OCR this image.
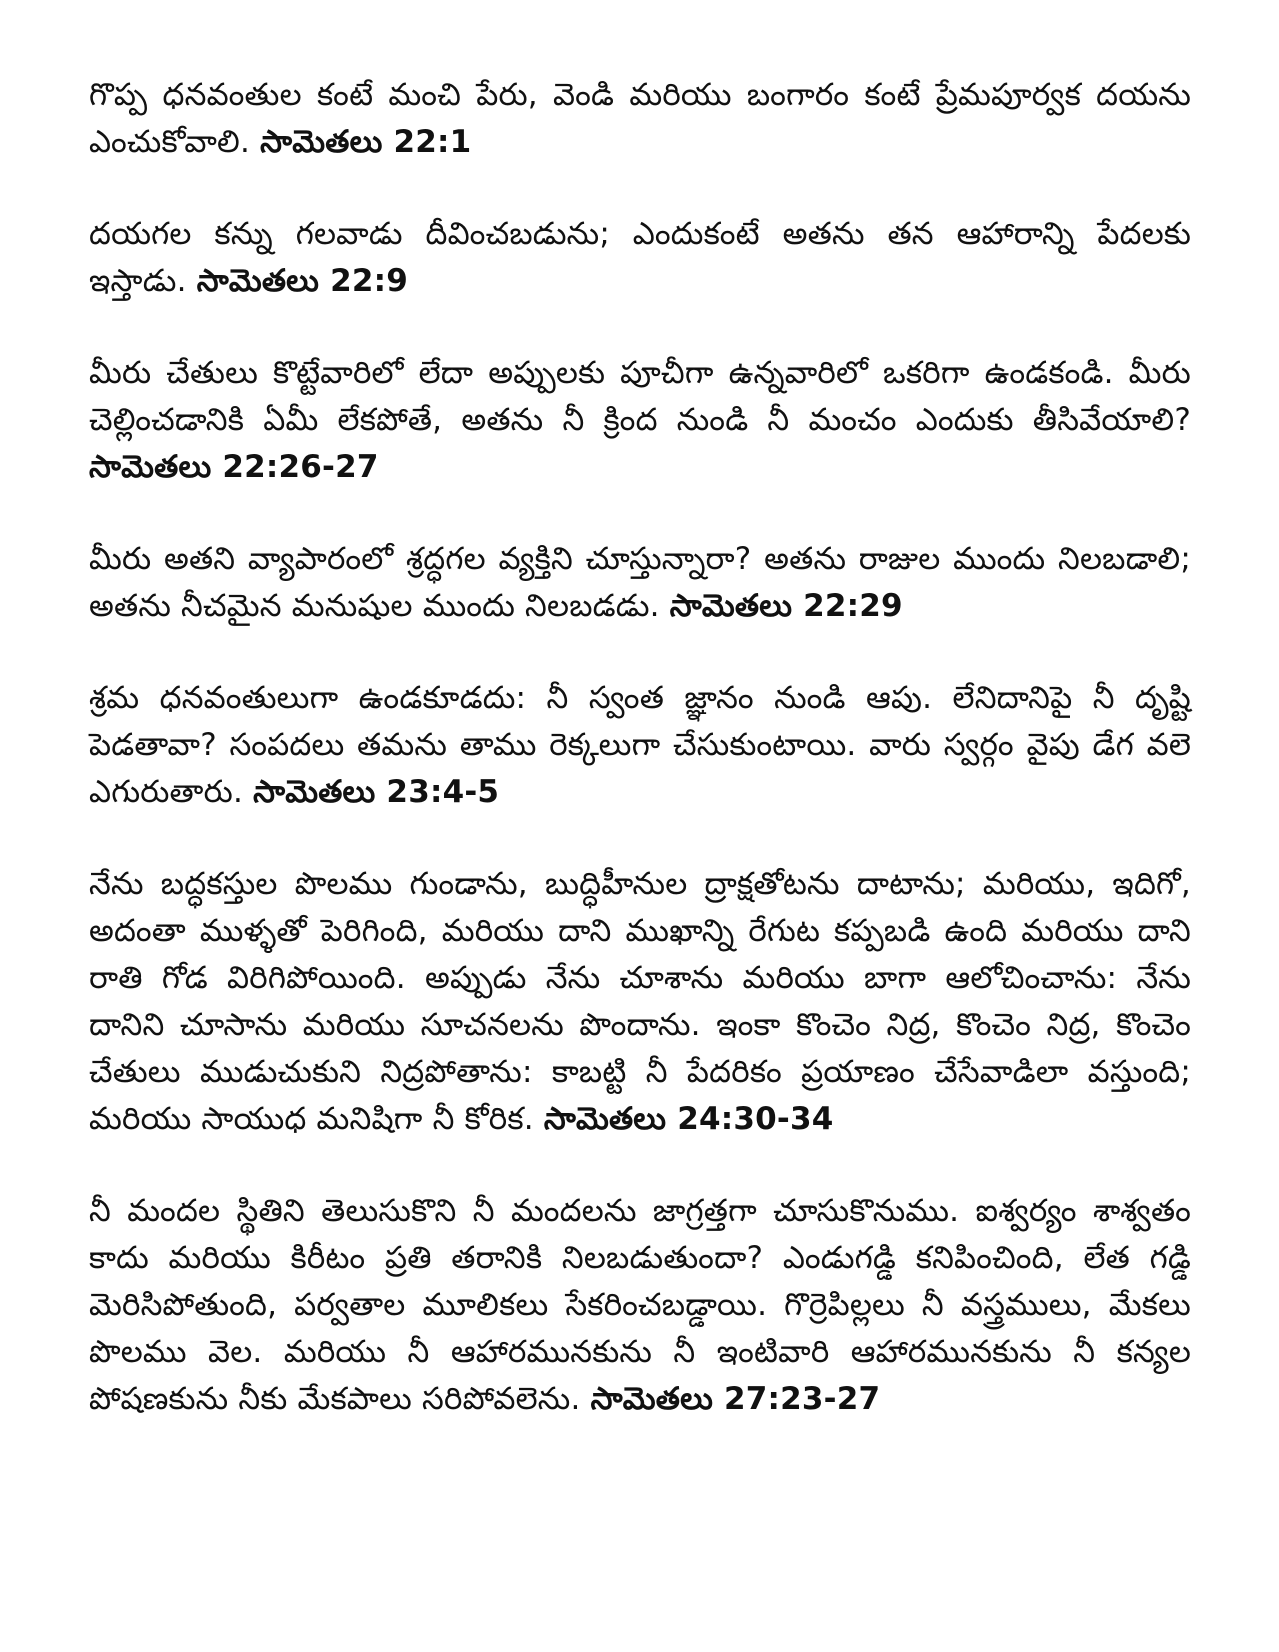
గొప్ప ధనవంతుల కంటే మంచి పేరు, వెండి మరియు బంగారం కంటే ప్రేమపూర్వక దయను ఎంచుకోవాలి. సామెతలు 22:1

దయగల కన్ను గలవాడు దీవించబడును; ఎందుకంటే అతను తన ఆహారాన్ని పేదలకు ఇస్తాడు. సామెతలు 22:9

మీరు చేతులు కొట్టేవారిలో లేదా అప్పులకు పూచీగా ఉన్నవారిలో ఒకరిగా ఉండకండి. మీరు చెల్లించడానికి ఏమీ లేకపోతే, అతను నీ క్రింద నుండి నీ మంచం ఎందుకు తీసివేయాలి? సామెతలు 22:26-27

మీరు అతని వ్యాపారంలో శ్రద్ధగల వ్యక్తిని చూస్తున్నారా? అతను రాజుల ముందు నిలబడాలి; అతను నీచమైన మనుషుల ముందు నిలబడడు. సామెతలు 22:29

శ్రమ ధనవంతులుగా ఉండకూడదు: నీ స్వంత జ్ఞానం నుండి ఆపు. లేనిదానిపై నీ దృష్టి పెడతావా? సంపదలు తమను తాము రెక్కలుగా చేసుకుంటాయి. వారు స్వర్గం వైపు డేగ వలె ఎగురుతారు. సామెతలు 23:4-5

నేను బద్ధకస్తుల పొలము గుండాను, బుద్ధిహీనుల ద్రాక్షతోటను దాటాను; మరియు, ఇదిగో, అదంతా ముళ్ళతో పెరిగింది, మరియు దాని ముఖాన్ని రేగుట కప్పబడి ఉంది మరియు దాని రాతి గోడ విరిగిపోయింది. అప్పుడు నేను చూశాను మరియు బాగా ఆలోచించాను: నేను దానిని చూసాను మరియు సూచనలను పొందాను. ఇంకా కొంచెం నిద్ర, కొంచెం నిద్ర, కొంచెం చేతులు ముడుచుకుని నిద్రపోతాను: కాబట్టి నీ పేదరికం ప్రయాణం చేసేవాడిలా వస్తుంది; మరియు సాయుధ మనిషిగా నీ కోరిక. సామెతలు 24:30-34

నీ మందల స్థితిని తెలుసుకొని నీ మందలను జాగ్రత్తగా చూసుకొనుము. ఐశ్వర్యం శాశ్వతం కాదు మరియు కిరీటం ప్రతి తరానికి నిలబడుతుందా? ఎండుగడ్డి కనిపించింది, లేత గడ్డి మెరిసిపోతుంది, పర్వతాల మూలికలు సేకరించబడ్డాయి. గొర్రెపిల్లలు నీ వస్త్రములు, మేకలు పొలము వెల. మరియు నీ ఆహారమునకును నీ ఇంటివారి ఆహారమునకును నీ కన్యల పోషణకును నీకు మేకపాలు సరిపోవలెను. సామెతలు 27:23-27
